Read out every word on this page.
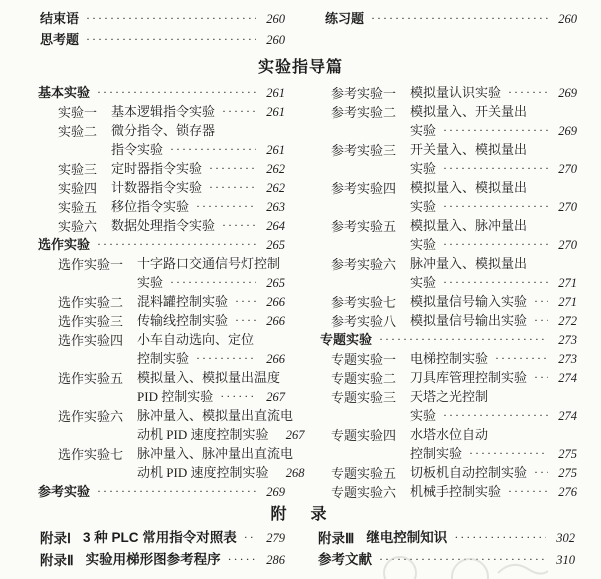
结束语 ·····	260
思考题 ·····	260
练习题 ·····	260
实验指导篇
基本实验 ·····	261
实验一 基本逻辑指令实验 ·····	261
实验二 微分指令、锁存器
指令实验 ·····	261
实验三 定时器指令实验 ·····	262
实验四 计数器指令实验 ·····	262
实验五 移位指令实验 ·····	263
实验六 数据处理指令实验 ·····	264
选作实验 ·····	265
选作实验一 十字路口交通信号灯控制
实验 ·····	265
选作实验二 混料罐控制实验 ·····	266
选作实验三 传输线控制实验 ·····	266
选作实验四 小车自动选向、定位
控制实验 ·····	266
选作实验五 模拟量入、模拟量出温度
PID 控制实验 ·····	267
选作实验六 脉冲量入、模拟量出直流电
动机 PID 速度控制实验	267
选作实验七 脉冲量入、脉冲量出直流电
动机 PID 速度控制实验	268
参考实验 ·····	269
参考实验一 模拟量认识实验 ·····	269
参考实验二 模拟量入、开关量出
实验 ·····	269
参考实验三 开关量入、模拟量出
实验 ·····	270
参考实验四 模拟量入、模拟量出
实验 ·····	270
参考实验五 模拟量入、脉冲量出
实验 ·····	270
参考实验六 脉冲量入、模拟量出
实验 ·····	271
参考实验七 模拟量信号输入实验 ·····	271
参考实验八 模拟量信号输出实验 ·····	272
专题实验 ·····	273
专题实验一 电梯控制实验 ·····	273
专题实验二 刀具库管理控制实验 ·····	274
专题实验三 天塔之光控制
实验 ·····	274
专题实验四 水塔水位自动
控制实验 ·····	275
专题实验五 切板机自动控制实验 ·····	275
专题实验六 机械手控制实验 ·····	276
附　录
附录Ⅰ 3 种 PLC 常用指令对照表 ·····	279
附录Ⅱ 实验用梯形图参考程序 ·····	286
附录Ⅲ 继电控制知识 ·····	302
参考文献 ·····	310
